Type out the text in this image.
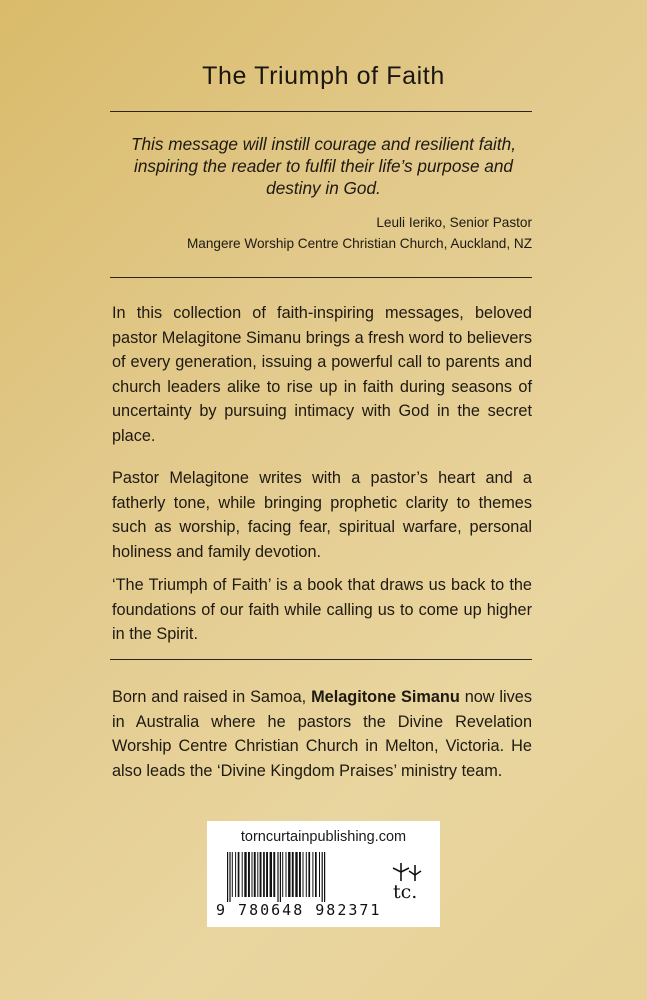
The Triumph of Faith
This message will instill courage and resilient faith, inspiring the reader to fulfil their life’s purpose and destiny in God.
Leuli Ieriko, Senior Pastor
Mangere Worship Centre Christian Church, Auckland, NZ
In this collection of faith-inspiring messages, beloved pastor Melagitone Simanu brings a fresh word to believers of every generation, issuing a powerful call to parents and church leaders alike to rise up in faith during seasons of uncertainty by pursuing intimacy with God in the secret place.
Pastor Melagitone writes with a pastor’s heart and a fatherly tone, while bringing prophetic clarity to themes such as worship, facing fear, spiritual warfare, personal holiness and family devotion.
‘The Triumph of Faith’ is a book that draws us back to the foundations of our faith while calling us to come up higher in the Spirit.
Born and raised in Samoa, Melagitone Simanu now lives in Australia where he pastors the Divine Revelation Worship Centre Christian Church in Melton, Victoria. He also leads the ‘Divine Kingdom Praises’ ministry team.
torncurtainpublishing.com
9 780648 982371
tc.
